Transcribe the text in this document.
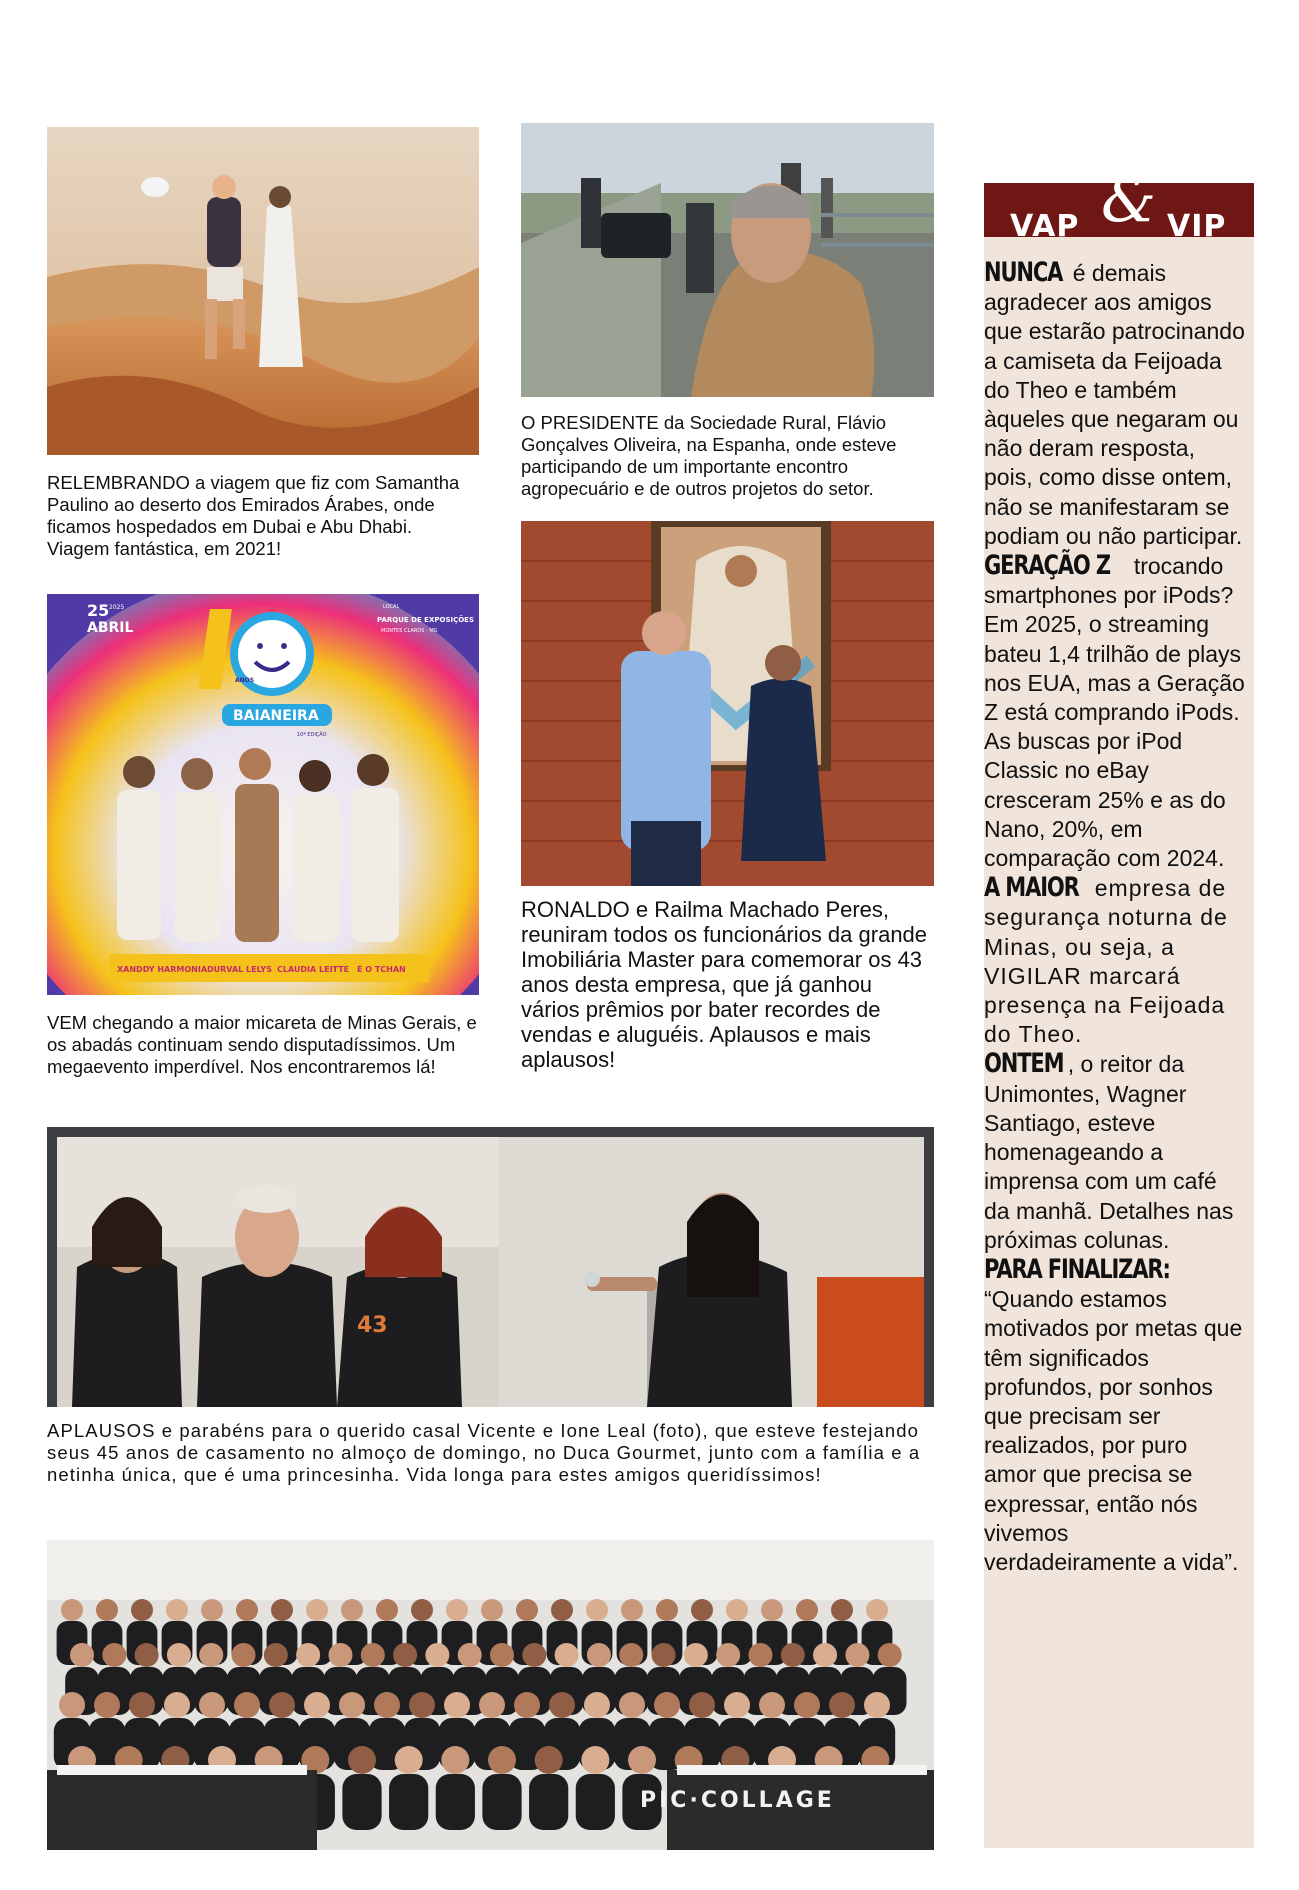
RELEMBRANDO a viagem que fiz com Samantha Paulino ao deserto dos Emirados Árabes, onde ficamos hospedados em Dubai e Abu Dhabi. Viagem fantástica, em 2021!

O PRESIDENTE da Sociedade Rural, Flávio Gonçalves Oliveira, na Espanha, onde esteve participando de um importante encontro agropecuário e de outros projetos do setor.

XANDDY HARMONIA DURVAL LELYS CLAUDIA LEITTE É O TCHAN
25 2025
ABRIL
LOCAL
PARQUE DE EXPOSIÇÕES
MONTES CLAROS - MG
ANOS
BAIANEIRA
10ª EDIÇÃO

VEM chegando a maior micareta de Minas Gerais, e os abadás continuam sendo disputadíssimos. Um megaevento imperdível. Nos encontraremos lá!

RONALDO e Railma Machado Peres, reuniram todos os funcionários da grande Imobiliária Master para comemorar os 43 anos desta empresa, que já ganhou vários prêmios por bater recordes de vendas e aluguéis. Aplausos e mais aplausos!

43

APLAUSOS e parabéns para o querido casal Vicente e Ione Leal (foto), que esteve festejando seus 45 anos de casamento no almoço de domingo, no Duca Gourmet, junto com a família e a netinha única, que é uma princesinha. Vida longa para estes amigos queridíssimos!

PIC·COLLAGE
VAP	VIP
&

NUNCA é demais agradecer aos amigos que estarão patrocinando a camiseta da Feijoada do Theo e também àqueles que negaram ou não deram resposta, pois, como disse ontem, não se manifestaram se podiam ou não participar.

GERAÇÃO Z trocando smartphones por iPods? Em 2025, o streaming bateu 1,4 trilhão de plays nos EUA, mas a Geração Z está comprando iPods. As buscas por iPod Classic no eBay cresceram 25% e as do Nano, 20%, em comparação com 2024.

A MAIOR empresa de segurança noturna de Minas, ou seja, a VIGILAR marcará presença na Feijoada do Theo.

ONTEM , o reitor da Unimontes, Wagner Santiago, esteve homenageando a imprensa com um café da manhã. Detalhes nas próximas colunas.

PARA FINALIZAR: “Quando estamos motivados por metas que têm significados profundos, por sonhos que precisam ser realizados, por puro amor que precisa se expressar, então nós vivemos verdadeiramente a vida”.
